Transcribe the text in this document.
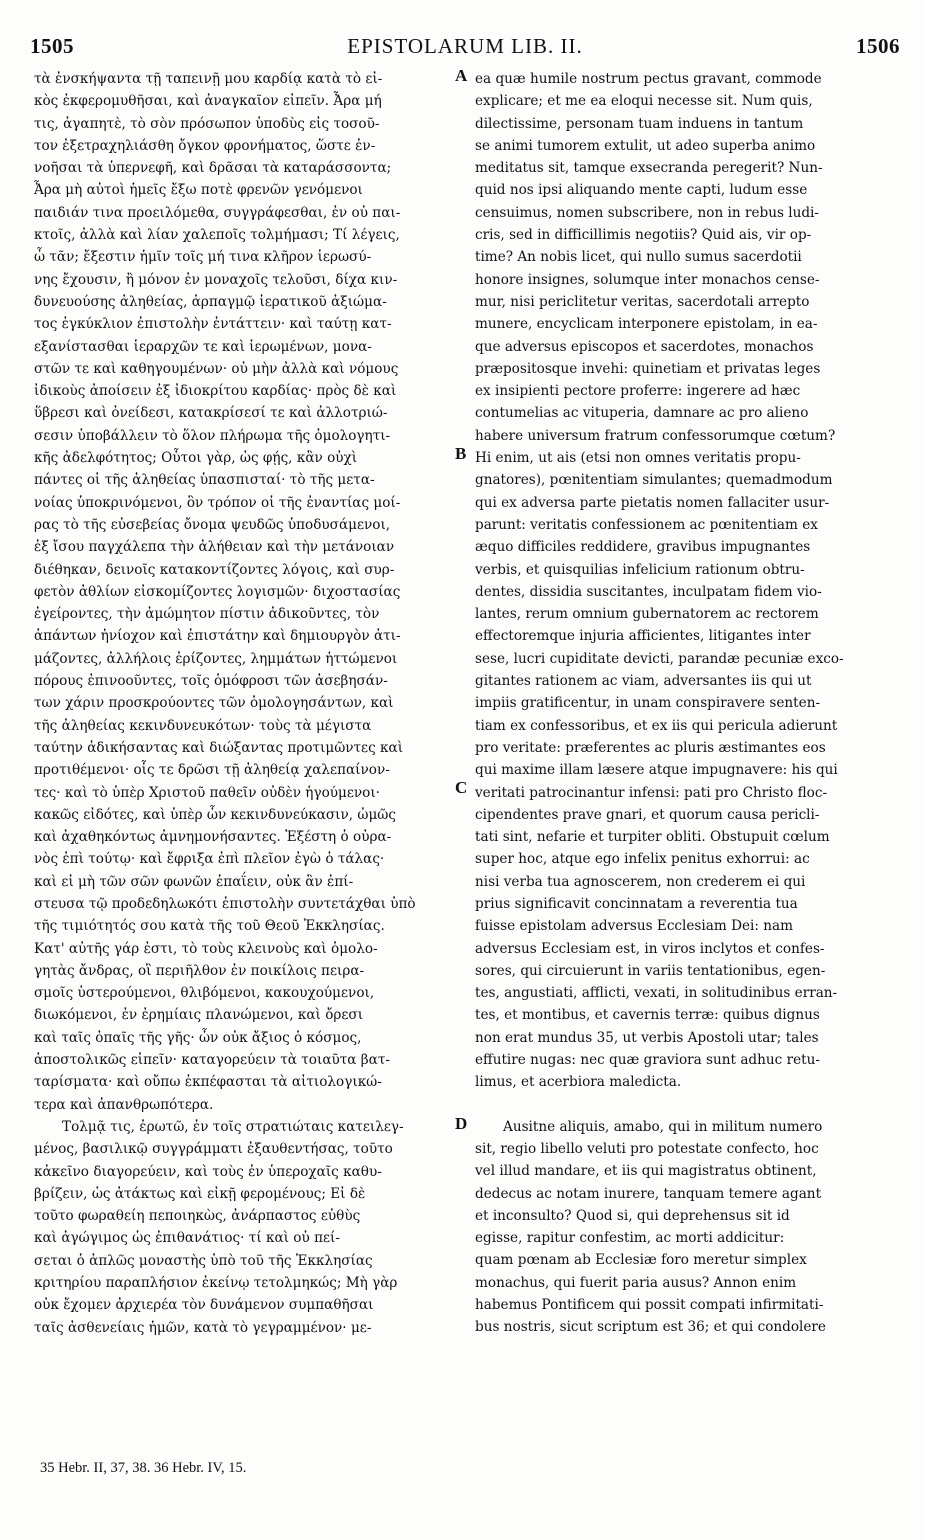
1505	EPISTOLARUM LIB. II.	1506
τὰ ἐνσκήψαντα τῇ ταπεινῇ μου καρδίᾳ κατὰ τὸ εἰ-
κὸς ἐκφερομυθῆσαι, καὶ ἀναγκαῖον εἰπεῖν. Ἆρα μή
τις, ἀγαπητὲ, τὸ σὸν πρόσωπον ὑποδὺς εἰς τοσοῦ-
τον ἐξετραχηλιάσθη ὄγκον φρονήματος, ὥστε ἐν-
νοῆσαι τὰ ὑπερνεφῆ, καὶ δρᾶσαι τὰ καταράσσοντα;
Ἆρα μὴ αὐτοὶ ἡμεῖς ἔξω ποτὲ φρενῶν γενόμενοι
παιδιάν τινα προειλόμεθα, συγγράφεσθαι, ἐν οὐ παι-
κτοῖς, ἀλλὰ καὶ λίαν χαλεποῖς τολμήμασι; Τί λέγεις,
ὦ τᾶν; ἔξεστιν ἡμῖν τοῖς μή τινα κλῆρον ἱερωσύ-
νης ἔχουσιν, ἢ μόνον ἐν μοναχοῖς τελοῦσι, δίχα κιν-
δυνευούσης ἀληθείας, ἁρπαγμῷ ἱερατικοῦ ἀξιώμα-
τος ἐγκύκλιον ἐπιστολὴν ἐντάττειν· καὶ ταύτῃ κατ-
εξανίστασθαι ἱεραρχῶν τε καὶ ἱερωμένων, μονα-
στῶν τε καὶ καθηγουμένων· οὐ μὴν ἀλλὰ καὶ νόμους
ἰδικοὺς ἀποίσειν ἐξ ἰδιοκρίτου καρδίας· πρὸς δὲ καὶ
ὕβρεσι καὶ ὀνείδεσι, κατακρίσεσί τε καὶ ἀλλοτριώ-
σεσιν ὑποβάλλειν τὸ ὅλον πλήρωμα τῆς ὁμολογητι-
κῆς ἀδελφότητος; Οὗτοι γὰρ, ὡς φῄς, κἂν οὐχὶ
πάντες οἱ τῆς ἀληθείας ὑπασπισταί· τὸ τῆς μετα-
νοίας ὑποκρινόμενοι, ὃν τρόπον οἱ τῆς ἐναντίας μοί-
ρας τὸ τῆς εὐσεβείας ὄνομα ψευδῶς ὑποδυσάμενοι,
ἐξ ἴσου παγχάλεπα τὴν ἀλήθειαν καὶ τὴν μετάνοιαν
διέθηκαν, δεινοῖς κατακοντίζοντες λόγοις, καὶ συρ-
φετὸν ἀθλίων εἰσκομίζοντες λογισμῶν· διχοστασίας
ἐγείροντες, τὴν ἀμώμητον πίστιν ἀδικοῦντες, τὸν
ἁπάντων ἡνίοχον καὶ ἐπιστάτην καὶ δημιουργὸν ἀτι-
μάζοντες, ἀλλήλοις ἐρίζοντες, λημμάτων ἡττώμενοι
πόρους ἐπινοοῦντες, τοῖς ὁμόφροσι τῶν ἀσεβησάν-
των χάριν προσκρούοντες τῶν ὁμολογησάντων, καὶ
τῆς ἀληθείας κεκινδυνευκότων· τοὺς τὰ μέγιστα
ταύτην ἀδικήσαντας καὶ διώξαντας προτιμῶντες καὶ
προτιθέμενοι· οἷς τε δρῶσι τῇ ἀληθείᾳ χαλεπαίνον-
τες· καὶ τὸ ὑπὲρ Χριστοῦ παθεῖν οὐδὲν ἡγούμενοι·
κακῶς εἰδότες, καὶ ὑπὲρ ὧν κεκινδυνεύκασιν, ὠμῶς
καὶ ἀχαθηκόντως ἀμνημονήσαντες. Ἐξέστη ὁ οὐρα-
νὸς ἐπὶ τούτῳ· καὶ ἔφριξα ἐπὶ πλεῖον ἐγὼ ὁ τάλας·
καὶ εἰ μὴ τῶν σῶν φωνῶν ἐπαΐειν, οὐκ ἂν ἐπί-
στευσα τῷ προδεδηλωκότι ἐπιστολὴν συντετάχθαι ὑπὸ
τῆς τιμιότητός σου κατὰ τῆς τοῦ Θεοῦ Ἐκκλησίας.
Κατ' αὐτῆς γάρ ἐστι, τὸ τοὺς κλεινοὺς καὶ ὁμολο-
γητὰς ἄνδρας, οἳ περιῆλθον ἐν ποικίλοις πειρα-
σμοῖς ὑστερούμενοι, θλιβόμενοι, κακουχούμενοι,
διωκόμενοι, ἐν ἐρημίαις πλανώμενοι, καὶ ὄρεσι
καὶ ταῖς ὀπαῖς τῆς γῆς· ὧν οὐκ ἄξιος ὁ κόσμος,
ἀποστολικῶς εἰπεῖν· καταγορεύειν τὰ τοιαῦτα βατ-
ταρίσματα· καὶ οὔπω ἐκπέφασται τὰ αἰτιολογικώ-
τερα καὶ ἀπανθρωπότερα.
Τολμᾷ τις, ἐρωτῶ, ἐν τοῖς στρατιώταις κατειλεγ-
μένος, βασιλικῷ συγγράμματι ἐξαυθεντήσας, τοῦτο
κἀκεῖνο διαγορεύειν, καὶ τοὺς ἐν ὑπεροχαῖς καθυ-
βρίζειν, ὡς ἀτάκτως καὶ εἰκῇ φερομένους; Εἰ δὲ
τοῦτο φωραθείη πεποιηκὼς, ἀνάρπαστος εὐθὺς
καὶ ἀγώγιμος ὡς ἐπιθανάτιος· τί καὶ οὐ πεί-
σεται ὁ ἁπλῶς μοναστὴς ὑπὸ τοῦ τῆς Ἐκκλησίας
κριτηρίου παραπλήσιον ἐκείνῳ τετολμηκώς; Μὴ γὰρ
οὐκ ἔχομεν ἀρχιερέα τὸν δυνάμενον συμπαθῆσαι
ταῖς ἀσθενείαις ἡμῶν, κατὰ τὸ γεγραμμένον· με-
ea quæ humile nostrum pectus gravant, commode
explicare; et me ea eloqui necesse sit. Num quis,
dilectissime, personam tuam induens in tantum
se animi tumorem extulit, ut adeo superba animo
meditatus sit, tamque exsecranda peregerit? Nun-
quid nos ipsi aliquando mente capti, ludum esse
censuimus, nomen subscribere, non in rebus ludi-
cris, sed in difficillimis negotiis? Quid ais, vir op-
time? An nobis licet, qui nullo sumus sacerdotii
honore insignes, solumque inter monachos cense-
mur, nisi periclitetur veritas, sacerdotali arrepto
munere, encyclicam interponere epistolam, in ea-
que adversus episcopos et sacerdotes, monachos
præpositosque invehi: quinetiam et privatas leges
ex insipienti pectore proferre: ingerere ad hæc
contumelias ac vituperia, damnare ac pro alieno
habere universum fratrum confessorumque cœtum?
Hi enim, ut ais (etsi non omnes veritatis propu-
gnatores), pœnitentiam simulantes; quemadmodum
qui ex adversa parte pietatis nomen fallaciter usur-
parunt: veritatis confessionem ac pœnitentiam ex
æquo difficiles reddidere, gravibus impugnantes
verbis, et quisquilias infelicium rationum obtru-
dentes, dissidia suscitantes, inculpatam fidem vio-
lantes, rerum omnium gubernatorem ac rectorem
effectoremque injuria afficientes, litigantes inter
sese, lucri cupiditate devicti, parandæ pecuniæ exco-
gitantes rationem ac viam, adversantes iis qui ut
impiis gratificentur, in unam conspiravere senten-
tiam ex confessoribus, et ex iis qui pericula adierunt
pro veritate: præferentes ac pluris æstimantes eos
qui maxime illam læsere atque impugnavere: his qui
veritati patrocinantur infensi: pati pro Christo floc-
cipendentes prave gnari, et quorum causa pericli-
tati sint, nefarie et turpiter obliti. Obstupuit cœlum
super hoc, atque ego infelix penitus exhorrui: ac
nisi verba tua agnoscerem, non crederem ei qui
prius significavit concinnatam a reverentia tua
fuisse epistolam adversus Ecclesiam Dei: nam
adversus Ecclesiam est, in viros inclytos et confes-
sores, qui circuierunt in variis tentationibus, egen-
tes, angustiati, afflicti, vexati, in solitudinibus erran-
tes, et montibus, et cavernis terræ: quibus dignus
non erat mundus 35, ut verbis Apostoli utar; tales
effutire nugas: nec quæ graviora sunt adhuc retu-
limus, et acerbiora maledicta.
Ausitne aliquis, amabo, qui in militum numero
sit, regio libello veluti pro potestate confecto, hoc
vel illud mandare, et iis qui magistratus obtinent,
dedecus ac notam inurere, tanquam temere agant
et inconsulto? Quod si, qui deprehensus sit id
egisse, rapitur confestim, ac morti addicitur:
quam pœnam ab Ecclesiæ foro meretur simplex
monachus, qui fuerit paria ausus? Annon enim
habemus Pontificem qui possit compati infirmitati-
bus nostris, sicut scriptum est 36; et qui condolere
A
B
C
D
35 Hebr. II, 37, 38. 36 Hebr. IV, 15.
